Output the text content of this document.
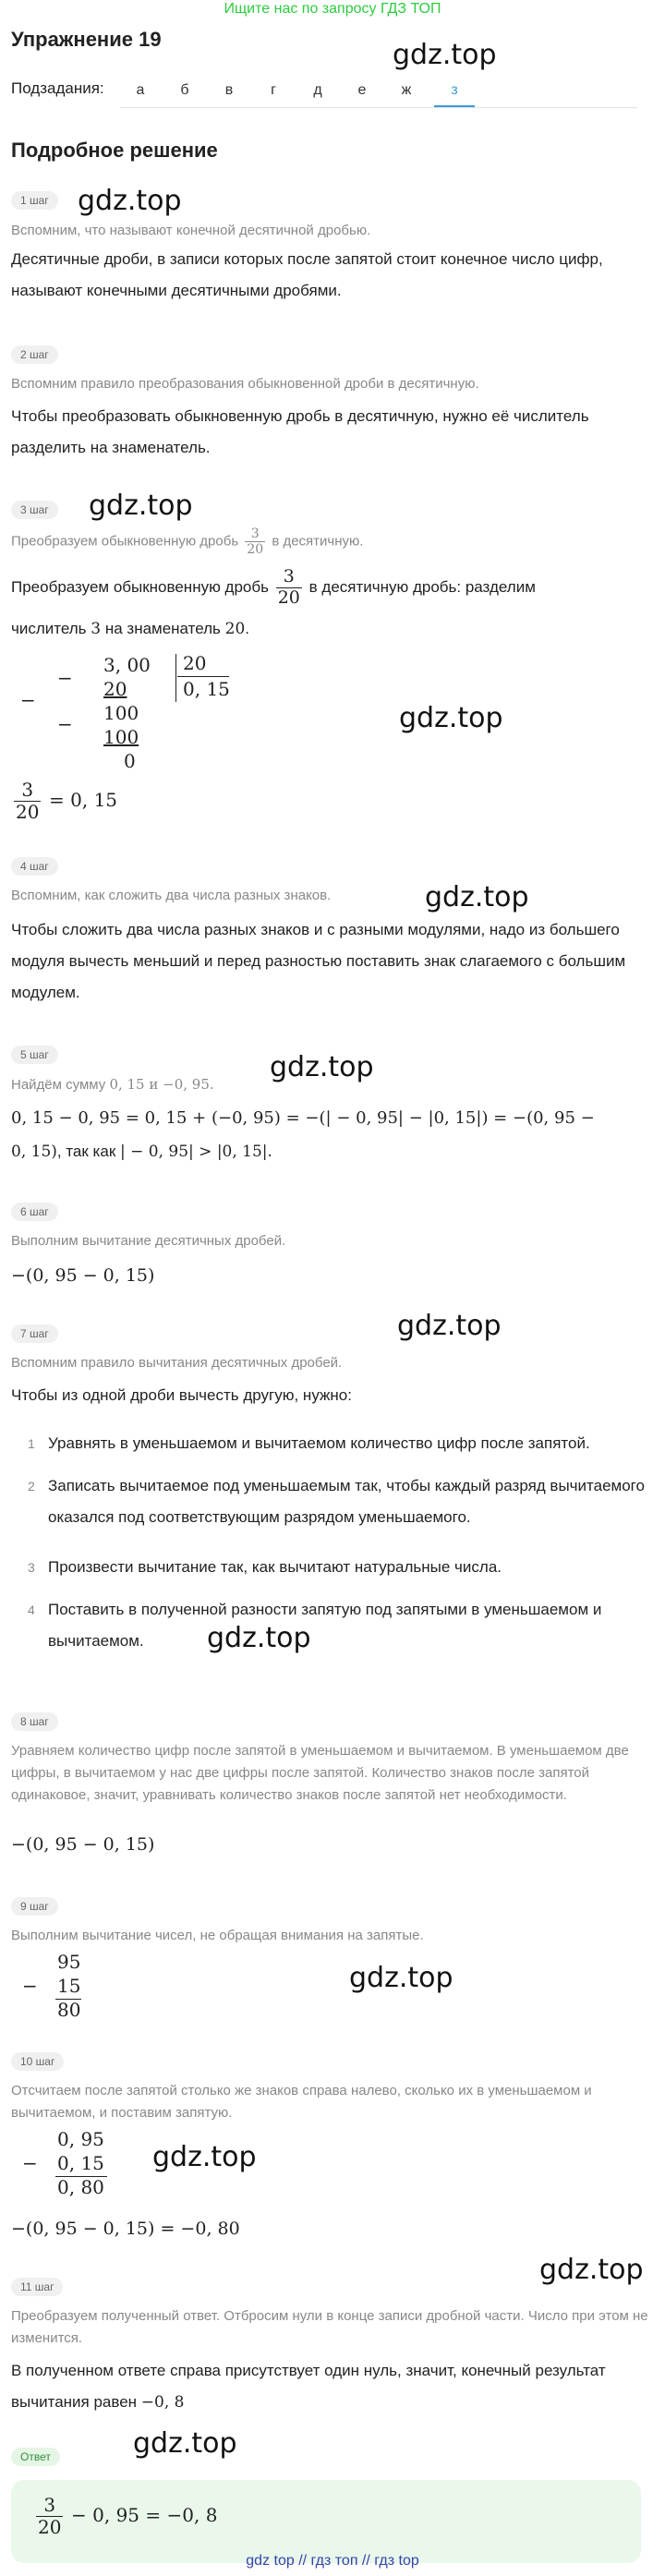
Ищите нас по запросу ГДЗ ТОП
gdz.top
Упражнение 19
Подзадания:	а	б	в	г	д	е	ж	з
Подробное решение
1 шаг	gdz.top
Вспомним, что называют конечной десятичной дробью.
Десятичные дроби, в записи которых после запятой стоит конечное число цифр, называют конечными десятичными дробями.
2 шаг
Вспомним правило преобразования обыкновенной дроби в десятичную.
Чтобы преобразовать обыкновенную дробь в десятичную, нужно её числитель разделить на знаменатель.
3 шаг	gdz.top
Преобразуем обыкновенную дробь $\frac{3}{20}$ в десятичную.
Преобразуем обыкновенную дробь $\frac{3}{20}$ в десятичную дробь: разделим
числитель 3 на знаменатель 20.
−
−
−
3, 00
20
100
100
0
20
0, 15
gdz.top
$\frac{3}{20} = 0$, 15
4 шаг
gdz.top
Вспомним, как сложить два числа разных знаков.
Чтобы сложить два числа разных знаков и с разными модулями, надо из большего модуля вычесть меньший и перед разностью поставить знак слагаемого с большим модулем.
5 шаг	gdz.top
Найдём сумму 0, 15 и −0, 95.
0, 15 − 0, 95 = 0, 15 + (−0, 95) = −(| − 0, 95| − |0, 15|) = −(0, 95 −
0, 15), так как | − 0, 95| > |0, 15|.
6 шаг
Выполним вычитание десятичных дробей.
−(0, 95 − 0, 15)
7 шаг	gdz.top
Вспомним правило вычитания десятичных дробей.
Чтобы из одной дроби вычесть другую, нужно:
1 Уравнять в уменьшаемом и вычитаемом количество цифр после запятой.
2 Записать вычитаемое под уменьшаемым так, чтобы каждый разряд вычитаемого оказался под соответствующим разрядом уменьшаемого.
3 Произвести вычитание так, как вычитают натуральные числа.
4 Поставить в полученной разности запятую под запятыми в уменьшаемом и вычитаемом.	gdz.top
8 шаг
Уравняем количество цифр после запятой в уменьшаемом и вычитаемом. В уменьшаемом две цифры, в вычитаемом у нас две цифры после запятой. Количество знаков после запятой одинаковое, значит, уравнивать количество знаков после запятой нет необходимости.
−(0, 95 − 0, 15)
9 шаг
Выполним вычитание чисел, не обращая внимания на запятые.
−
95
15
80
gdz.top
10 шаг
Отсчитаем после запятой столько же знаков справа налево, сколько их в уменьшаемом и вычитаемом, и поставим запятую.
−
0, 95
0, 15
0, 80
gdz.top
−(0, 95 − 0, 15) = −0, 80
gdz.top
11 шаг
Преобразуем полученный ответ. Отбросим нули в конце записи дробной части. Число при этом не изменится.
В полученном ответе справа присутствует один нуль, значит, конечный результат вычитания равен −0, 8
Ответ	gdz.top
$\frac{3}{20} - 0$, 95 = −0, 8
gdz top // гдз топ // гдз top
